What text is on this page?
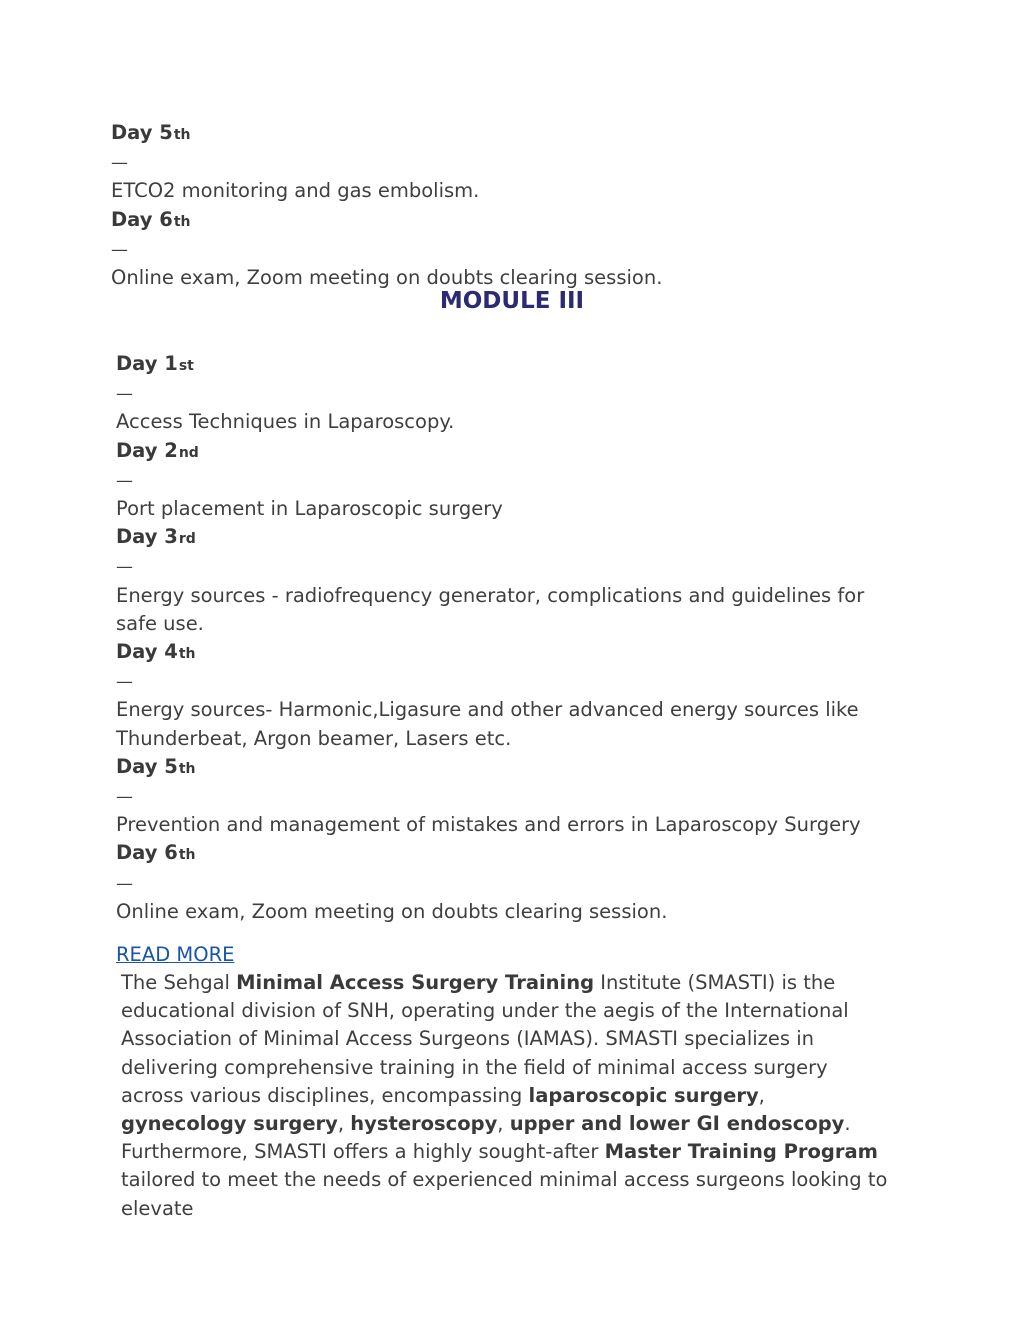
Day 5th

—

ETCO2 monitoring and gas embolism.

Day 6th

—

Online exam, Zoom meeting on doubts clearing session.

MODULE III

Day 1st

—

Access Techniques in Laparoscopy.

Day 2nd

—

Port placement in Laparoscopic surgery

Day 3rd

—

Energy sources - radiofrequency generator, complications and guidelines for safe use.

Day 4th

—

Energy sources- Harmonic,Ligasure and other advanced energy sources like Thunderbeat, Argon beamer, Lasers etc.

Day 5th

—

Prevention and management of mistakes and errors in Laparoscopy Surgery

Day 6th

—

Online exam, Zoom meeting on doubts clearing session.

READ MORE

The Sehgal Minimal Access Surgery Training Institute (SMASTI) is the educational division of SNH, operating under the aegis of the International Association of Minimal Access Surgeons (IAMAS). SMASTI specializes in delivering comprehensive training in the field of minimal access surgery across various disciplines, encompassing laparoscopic surgery, gynecology surgery, hysteroscopy, upper and lower GI endoscopy. Furthermore, SMASTI offers a highly sought-after Master Training Program tailored to meet the needs of experienced minimal access surgeons looking to elevate
